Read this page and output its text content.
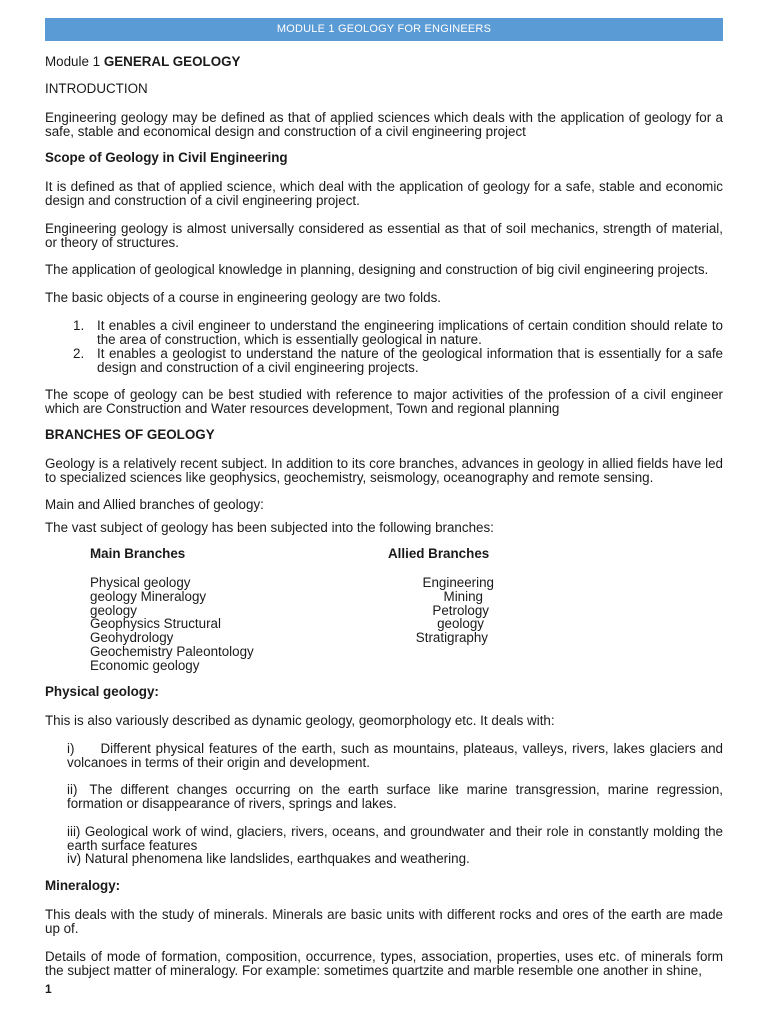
MODULE 1 GEOLOGY FOR ENGINEERS

Module 1 GENERAL GEOLOGY

INTRODUCTION

Engineering geology may be defined as that of applied sciences which deals with the application of geology for a safe, stable and economical design and construction of a civil engineering project

Scope of Geology in Civil Engineering

It is defined as that of applied science, which deal with the application of geology for a safe, stable and economic design and construction of a civil engineering project.

Engineering geology is almost universally considered as essential as that of soil mechanics, strength of material, or theory of structures.

The application of geological knowledge in planning, designing and construction of big civil engineering projects.

The basic objects of a course in engineering geology are two folds.

1. It enables a civil engineer to understand the engineering implications of certain condition should relate to the area of construction, which is essentially geological in nature.
2. It enables a geologist to understand the nature of the geological information that is essentially for a safe design and construction of a civil engineering projects.

The scope of geology can be best studied with reference to major activities of the profession of a civil engineer which are Construction and Water resources development, Town and regional planning

BRANCHES OF GEOLOGY

Geology is a relatively recent subject. In addition to its core branches, advances in geology in allied fields have led to specialized sciences like geophysics, geochemistry, seismology, oceanography and remote sensing.

Main and Allied branches of geology:

The vast subject of geology has been subjected into the following branches:

Main Branches	Allied Branches
Physical geology
geology Mineralogy
geology
Geophysics Structural
Geohydrology
Geochemistry Paleontology
Economic geology
Engineering
Mining
Petrology
geology
Stratigraphy

Physical geology:

This is also variously described as dynamic geology, geomorphology etc. It deals with:

i) Different physical features of the earth, such as mountains, plateaus, valleys, rivers, lakes glaciers and volcanoes in terms of their origin and development.
ii) The different changes occurring on the earth surface like marine transgression, marine regression, formation or disappearance of rivers, springs and lakes.
iii) Geological work of wind, glaciers, rivers, oceans, and groundwater and their role in constantly molding the earth surface features
iv) Natural phenomena like landslides, earthquakes and weathering.

Mineralogy:

This deals with the study of minerals. Minerals are basic units with different rocks and ores of the earth are made up of.

Details of mode of formation, composition, occurrence, types, association, properties, uses etc. of minerals form the subject matter of mineralogy. For example: sometimes quartzite and marble resemble one another in shine,

1
